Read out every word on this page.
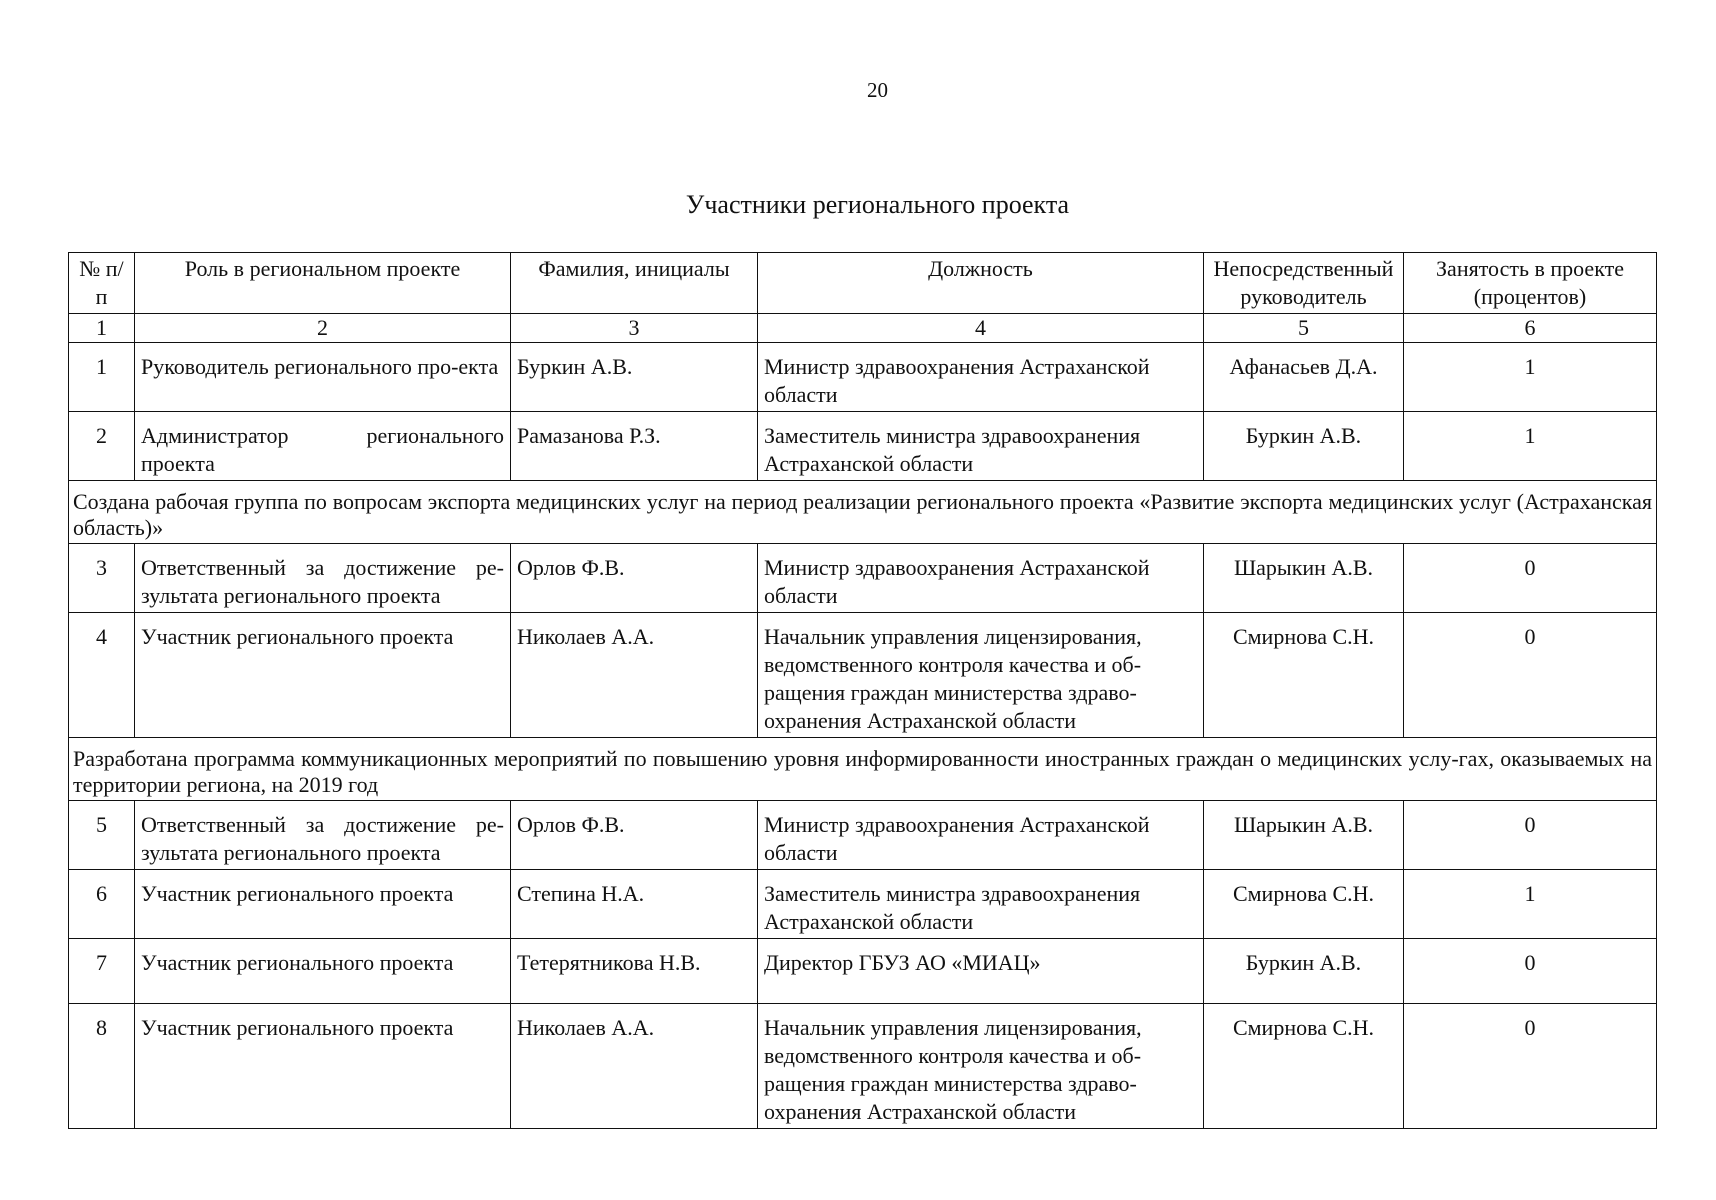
20
Участники регионального проекта
№ п/п	Роль в региональном проекте	Фамилия, инициалы	Должность	Непосредственный руководитель	Занятость в проекте (процентов)
1	2	3	4	5	6
1	Руководитель регионального про-екта	Буркин А.В.	Министр здравоохранения Астраханской области	Афанасьев Д.А.	1
2	Администратор регионального проекта	Рамазанова Р.З.	Заместитель министра здравоохранения Астраханской области	Буркин А.В.	1
Создана рабочая группа по вопросам экспорта медицинских услуг на период реализации регионального проекта «Развитие экспорта медицинских услуг (Астраханская область)»					
3	Ответственный за достижение ре-зультата регионального проекта	Орлов Ф.В.	Министр здравоохранения Астраханской области	Шарыкин А.В.	0
4	Участник регионального проекта	Николаев А.А.	Начальник управления лицензирования, ведомственного контроля качества и об-ращения граждан министерства здраво-охранения Астраханской области	Смирнова С.Н.	0
Разработана программа коммуникационных мероприятий по повышению уровня информированности иностранных граждан о медицинских услу-гах, оказываемых на территории региона, на 2019 год					
5	Ответственный за достижение ре-зультата регионального проекта	Орлов Ф.В.	Министр здравоохранения Астраханской области	Шарыкин А.В.	0
6	Участник регионального проекта	Степина Н.А.	Заместитель министра здравоохранения Астраханской области	Смирнова С.Н.	1
7	Участник регионального проекта	Тетерятникова Н.В.	Директор ГБУЗ АО «МИАЦ»	Буркин А.В.	0
8	Участник регионального проекта	Николаев А.А.	Начальник управления лицензирования, ведомственного контроля качества и об-ращения граждан министерства здраво-охранения Астраханской области	Смирнова С.Н.	0
